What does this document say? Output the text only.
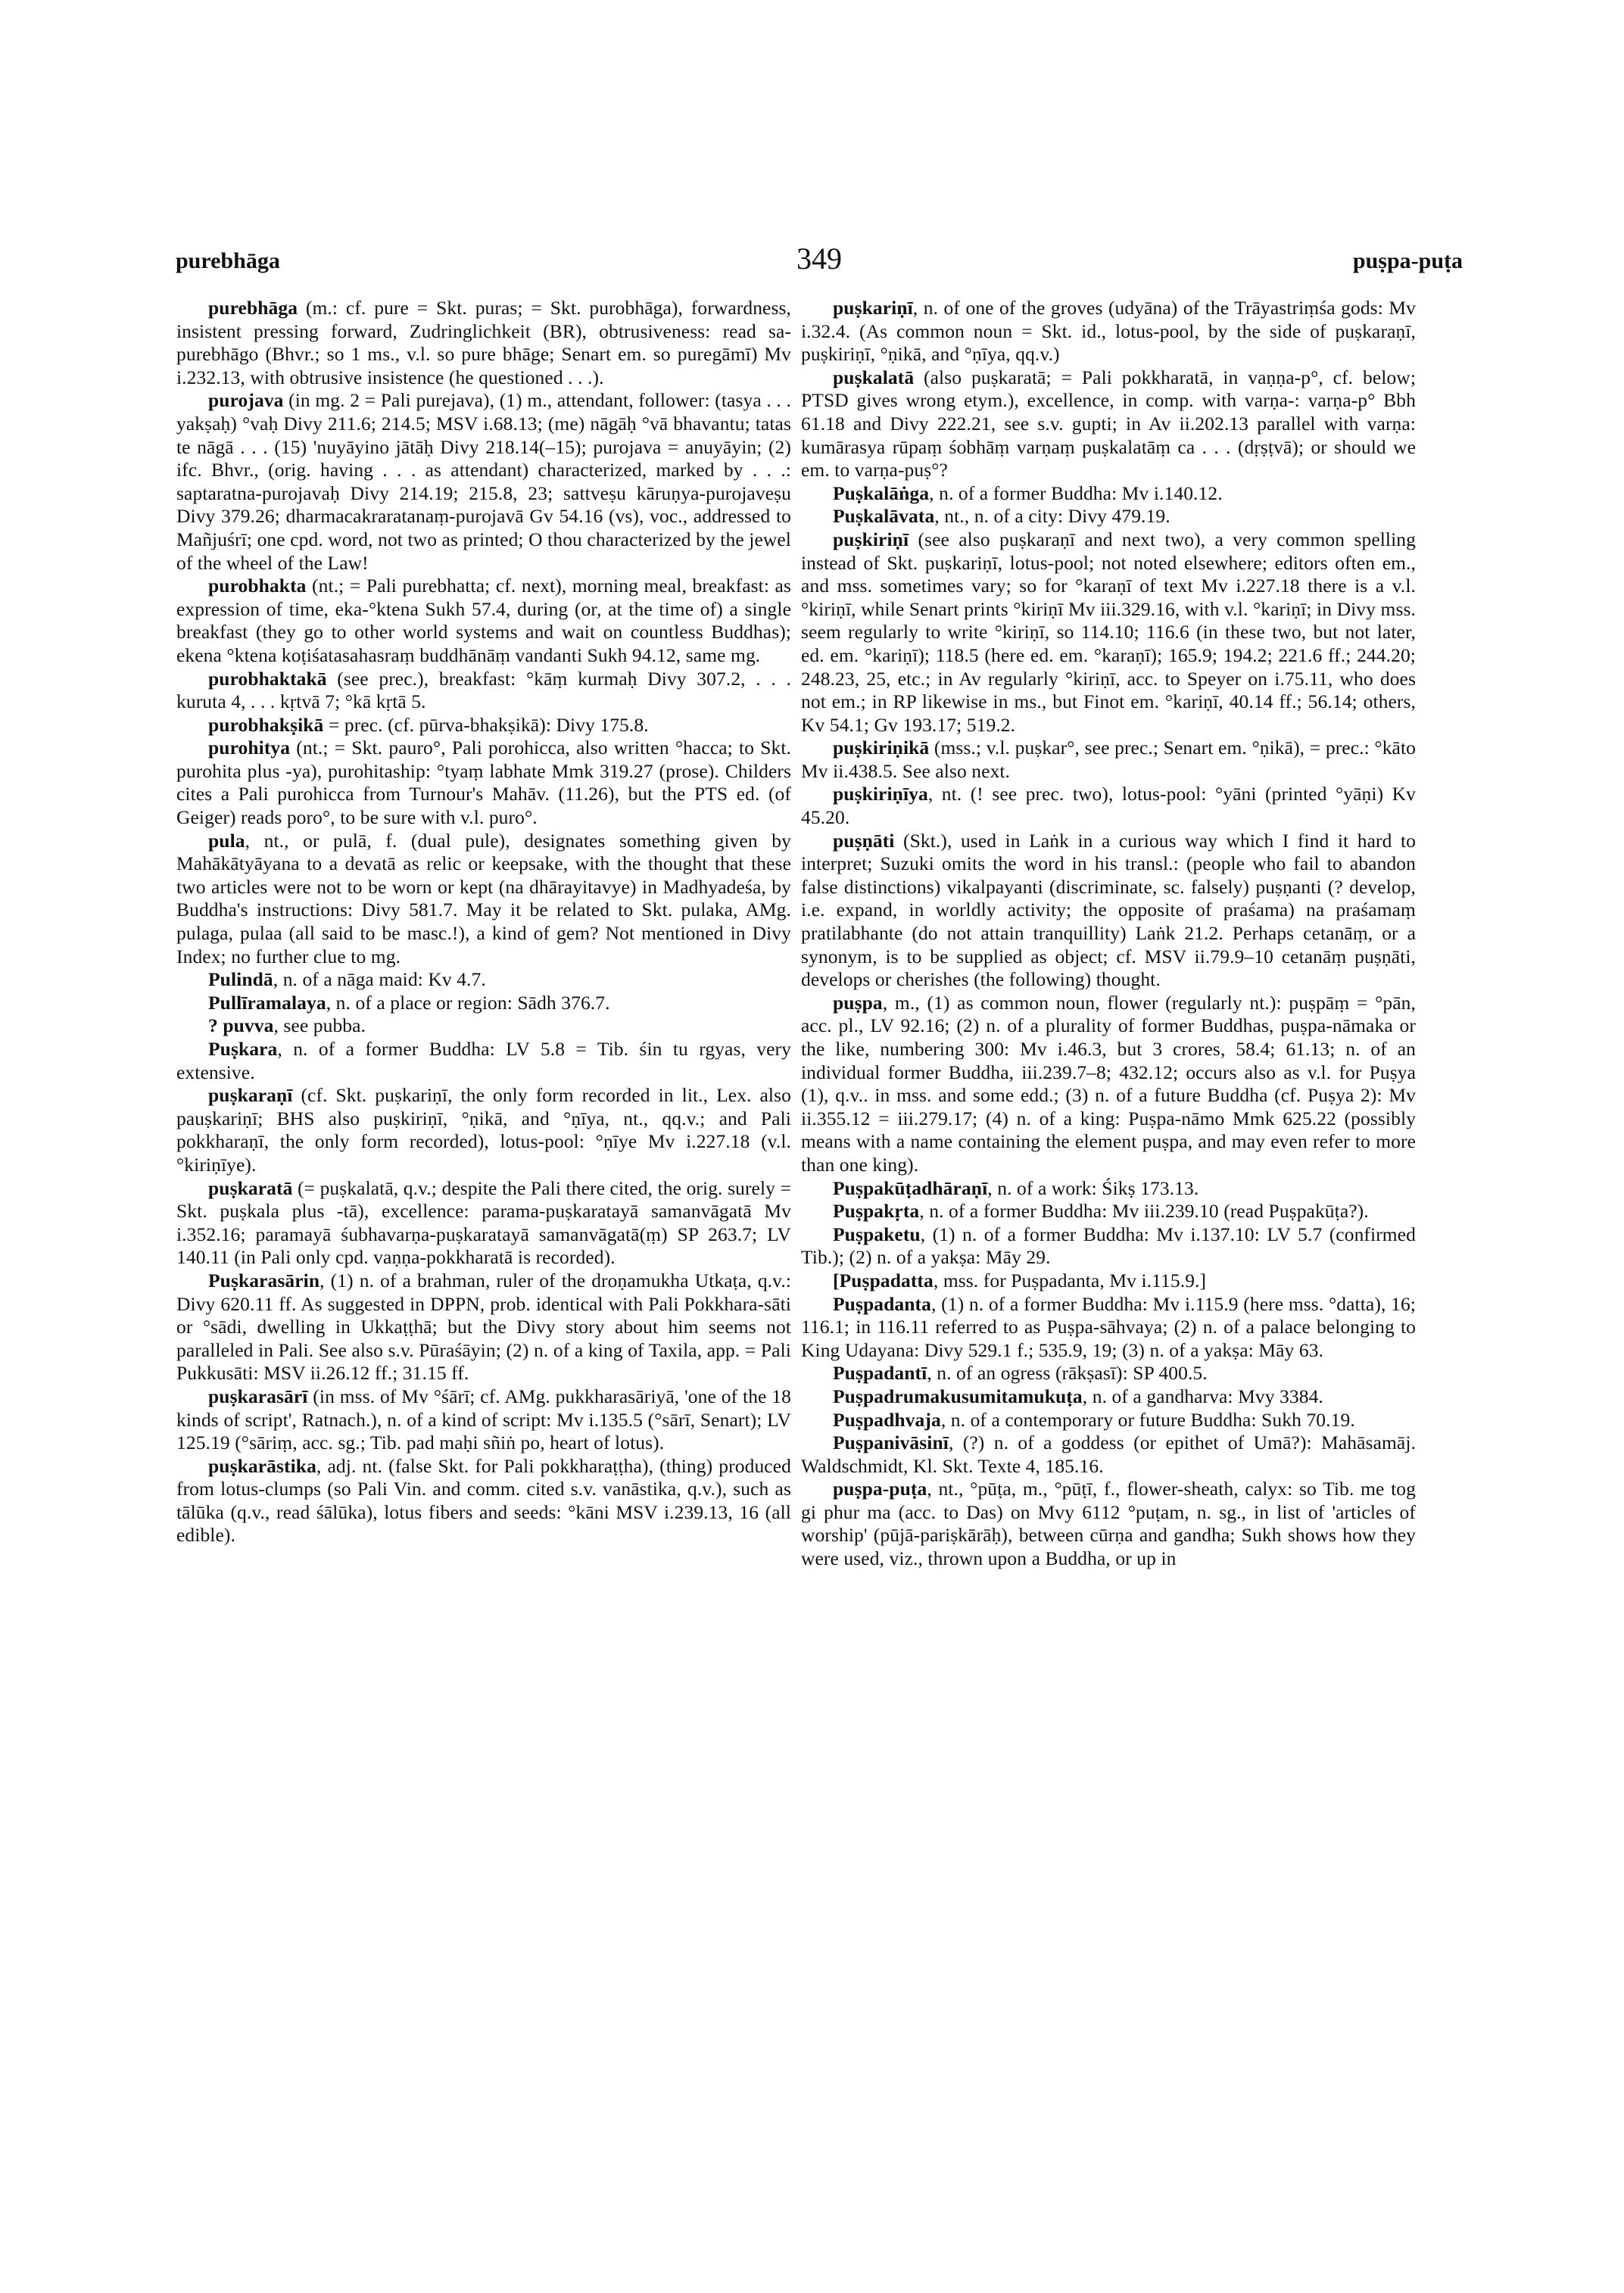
purebhāga	349	puṣpa-puṭa

purebhāga (m.: cf. pure = Skt. puras; = Skt. purobhāga), forwardness, insistent pressing forward, Zudringlichkeit (BR), obtrusiveness: read sa-purebhāgo (Bhvr.; so 1 ms., v.l. so pure bhāge; Senart em. so puregāmī) Mv i.232.13, with obtrusive insistence (he questioned . . .).

purojava (in mg. 2 = Pali purejava), (1) m., attendant, follower: (tasya . . . yakṣaḥ) °vaḥ Divy 211.6; 214.5; MSV i.68.13; (me) nāgāḥ °vā bhavantu; tatas te nāgā . . . (15) 'nuyāyino jātāḥ Divy 218.14(–15); purojava = anuyāyin; (2) ifc. Bhvr., (orig. having . . . as attendant) characterized, marked by . . .: saptaratna-purojavaḥ Divy 214.19; 215.8, 23; sattveṣu kāruṇya-purojaveṣu Divy 379.26; dharmacakraratanaṃ-purojavā Gv 54.16 (vs), voc., addressed to Mañjuśrī; one cpd. word, not two as printed; O thou characterized by the jewel of the wheel of the Law!

purobhakta (nt.; = Pali purebhatta; cf. next), morning meal, breakfast: as expression of time, eka-°ktena Sukh 57.4, during (or, at the time of) a single breakfast (they go to other world systems and wait on countless Buddhas); ekena °ktena koṭiśatasahasraṃ buddhānāṃ vandanti Sukh 94.12, same mg.

purobhaktakā (see prec.), breakfast: °kāṃ kurmaḥ Divy 307.2, . . . kuruta 4, . . . kṛtvā 7; °kā kṛtā 5.

purobhakṣikā = prec. (cf. pūrva-bhakṣikā): Divy 175.8.

purohitya (nt.; = Skt. pauro°, Pali porohicca, also written °hacca; to Skt. purohita plus -ya), purohitaship: °tyaṃ labhate Mmk 319.27 (prose). Childers cites a Pali purohicca from Turnour's Mahāv. (11.26), but the PTS ed. (of Geiger) reads poro°, to be sure with v.l. puro°.

pula, nt., or pulā, f. (dual pule), designates something given by Mahākātyāyana to a devatā as relic or keepsake, with the thought that these two articles were not to be worn or kept (na dhārayitavye) in Madhyadeśa, by Buddha's instructions: Divy 581.7. May it be related to Skt. pulaka, AMg. pulaga, pulaa (all said to be masc.!), a kind of gem? Not mentioned in Divy Index; no further clue to mg.

Pulindā, n. of a nāga maid: Kv 4.7.

Pullīramalaya, n. of a place or region: Sādh 376.7.

? puvva, see pubba.

Puṣkara, n. of a former Buddha: LV 5.8 = Tib. śin tu rgyas, very extensive.

puṣkaraṇī (cf. Skt. puṣkariṇī, the only form recorded in lit., Lex. also pauṣkariṇī; BHS also puṣkiriṇī, °ṇikā, and °ṇīya, nt., qq.v.; and Pali pokkharaṇī, the only form recorded), lotus-pool: °ṇīye Mv i.227.18 (v.l. °kiriṇīye).

puṣkaratā (= puṣkalatā, q.v.; despite the Pali there cited, the orig. surely = Skt. puṣkala plus -tā), excellence: parama-puṣkaratayā samanvāgatā Mv i.352.16; paramayā śubhavarṇa-puṣkaratayā samanvāgatā(ṃ) SP 263.7; LV 140.11 (in Pali only cpd. vaṇṇa-pokkharatā is recorded).

Puṣkarasārin, (1) n. of a brahman, ruler of the droṇamukha Utkaṭa, q.v.: Divy 620.11 ff. As suggested in DPPN, prob. identical with Pali Pokkhara-sāti or °sādi, dwelling in Ukkaṭṭhā; but the Divy story about him seems not paralleled in Pali. See also s.v. Pūraśāyin; (2) n. of a king of Taxila, app. = Pali Pukkusāti: MSV ii.26.12 ff.; 31.15 ff.

puṣkarasārī (in mss. of Mv °śārī; cf. AMg. pukkharasāriyā, 'one of the 18 kinds of script', Ratnach.), n. of a kind of script: Mv i.135.5 (°sārī, Senart); LV 125.19 (°sāriṃ, acc. sg.; Tib. pad maḥi sñiṅ po, heart of lotus).

puṣkarāstika, adj. nt. (false Skt. for Pali pokkharaṭṭha), (thing) produced from lotus-clumps (so Pali Vin. and comm. cited s.v. vanāstika, q.v.), such as tālūka (q.v., read śālūka), lotus fibers and seeds: °kāni MSV i.239.13, 16 (all edible).

puṣkariṇī, n. of one of the groves (udyāna) of the Trāyastriṃśa gods: Mv i.32.4. (As common noun = Skt. id., lotus-pool, by the side of puṣkaraṇī, puṣkiriṇī, °ṇikā, and °ṇīya, qq.v.)

puṣkalatā (also puṣkaratā; = Pali pokkharatā, in vaṇṇa-p°, cf. below; PTSD gives wrong etym.), excellence, in comp. with varṇa-: varṇa-p° Bbh 61.18 and Divy 222.21, see s.v. gupti; in Av ii.202.13 parallel with varṇa: kumārasya rūpaṃ śobhāṃ varṇaṃ puṣkalatāṃ ca . . . (dṛṣṭvā); or should we em. to varṇa-puṣ°?

Puṣkalāṅga, n. of a former Buddha: Mv i.140.12.

Puṣkalāvata, nt., n. of a city: Divy 479.19.

puṣkiriṇī (see also puṣkaraṇī and next two), a very common spelling instead of Skt. puṣkariṇī, lotus-pool; not noted elsewhere; editors often em., and mss. sometimes vary; so for °karaṇī of text Mv i.227.18 there is a v.l. °kiriṇī, while Senart prints °kiriṇī Mv iii.329.16, with v.l. °kariṇī; in Divy mss. seem regularly to write °kiriṇī, so 114.10; 116.6 (in these two, but not later, ed. em. °kariṇī); 118.5 (here ed. em. °karaṇī); 165.9; 194.2; 221.6 ff.; 244.20; 248.23, 25, etc.; in Av regularly °kiriṇī, acc. to Speyer on i.75.11, who does not em.; in RP likewise in ms., but Finot em. °kariṇī, 40.14 ff.; 56.14; others, Kv 54.1; Gv 193.17; 519.2.

puṣkiriṇikā (mss.; v.l. puṣkar°, see prec.; Senart em. °ṇikā), = prec.: °kāto Mv ii.438.5. See also next.

puṣkiriṇīya, nt. (! see prec. two), lotus-pool: °yāni (printed °yāṇi) Kv 45.20.

puṣṇāti (Skt.), used in Laṅk in a curious way which I find it hard to interpret; Suzuki omits the word in his transl.: (people who fail to abandon false distinctions) vikalpayanti (discriminate, sc. falsely) puṣṇanti (? develop, i.e. expand, in worldly activity; the opposite of praśama) na praśamaṃ pratilabhante (do not attain tranquillity) Laṅk 21.2. Perhaps cetanāṃ, or a synonym, is to be supplied as object; cf. MSV ii.79.9–10 cetanāṃ puṣṇāti, develops or cherishes (the following) thought.

puṣpa, m., (1) as common noun, flower (regularly nt.): puṣpāṃ = °pān, acc. pl., LV 92.16; (2) n. of a plurality of former Buddhas, puṣpa-nāmaka or the like, numbering 300: Mv i.46.3, but 3 crores, 58.4; 61.13; n. of an individual former Buddha, iii.239.7–8; 432.12; occurs also as v.l. for Puṣya (1), q.v.. in mss. and some edd.; (3) n. of a future Buddha (cf. Puṣya 2): Mv ii.355.12 = iii.279.17; (4) n. of a king: Puṣpa-nāmo Mmk 625.22 (possibly means with a name containing the element puṣpa, and may even refer to more than one king).

Puṣpakūṭadhāraṇī, n. of a work: Śikṣ 173.13.

Puṣpakṛta, n. of a former Buddha: Mv iii.239.10 (read Puṣpakūṭa?).

Puṣpaketu, (1) n. of a former Buddha: Mv i.137.10: LV 5.7 (confirmed Tib.); (2) n. of a yakṣa: Māy 29.

[Puṣpadatta, mss. for Puṣpadanta, Mv i.115.9.]

Puṣpadanta, (1) n. of a former Buddha: Mv i.115.9 (here mss. °datta), 16; 116.1; in 116.11 referred to as Puṣpa-sāhvaya; (2) n. of a palace belonging to King Udayana: Divy 529.1 f.; 535.9, 19; (3) n. of a yakṣa: Māy 63.

Puṣpadantī, n. of an ogress (rākṣasī): SP 400.5.

Puṣpadrumakusumitamukuṭa, n. of a gandharva: Mvy 3384.

Puṣpadhvaja, n. of a contemporary or future Buddha: Sukh 70.19.

Puṣpanivāsinī, (?) n. of a goddess (or epithet of Umā?): Mahāsamāj. Waldschmidt, Kl. Skt. Texte 4, 185.16.

puṣpa-puṭa, nt., °pūṭa, m., °pūṭī, f., flower-sheath, calyx: so Tib. me tog gi phur ma (acc. to Das) on Mvy 6112 °puṭam, n. sg., in list of 'articles of worship' (pūjā-pariṣkārāḥ), between cūrṇa and gandha; Sukh shows how they were used, viz., thrown upon a Buddha, or up in
